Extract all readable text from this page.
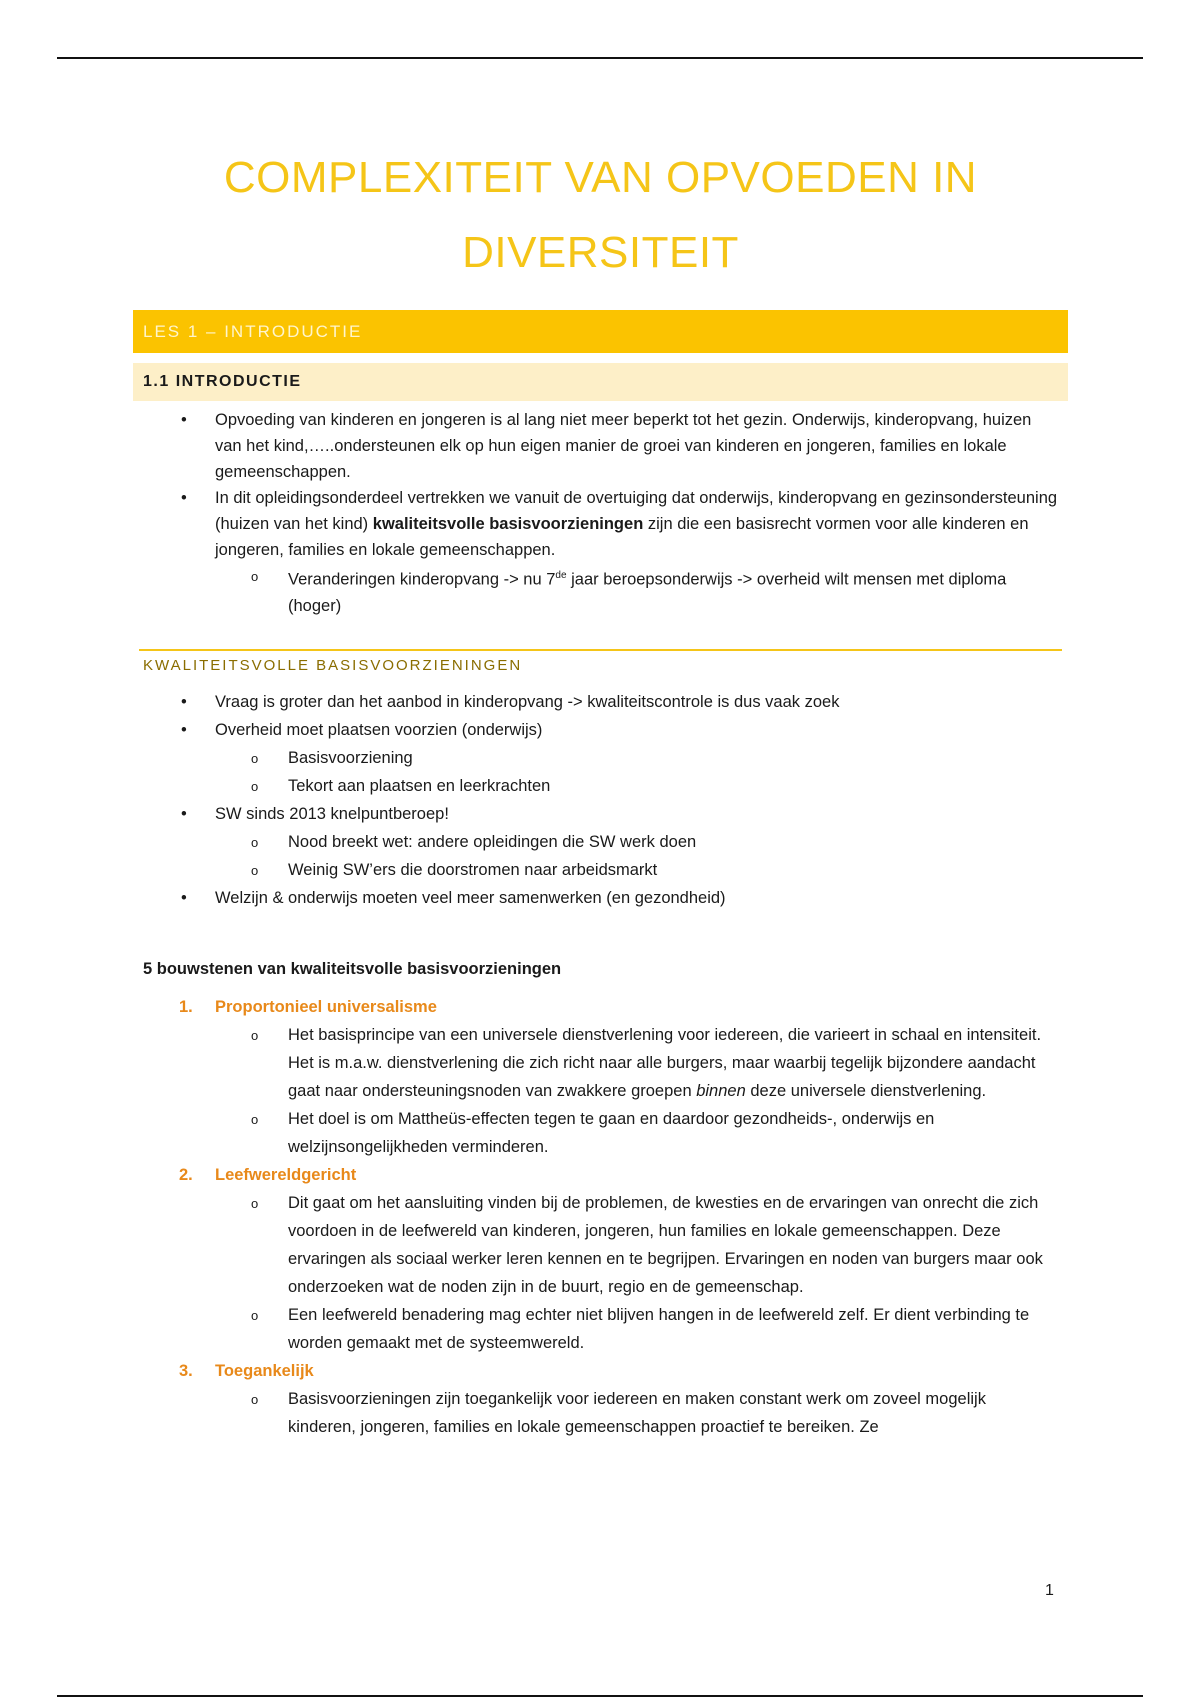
COMPLEXITEIT VAN OPVOEDEN IN
DIVERSITEIT
LES 1 – INTRODUCTIE
1.1 INTRODUCTIE
• Opvoeding van kinderen en jongeren is al lang niet meer beperkt tot het gezin. Onderwijs, kinderopvang, huizen van het kind,…..ondersteunen elk op hun eigen manier de groei van kinderen en jongeren, families en lokale gemeenschappen.
• In dit opleidingsonderdeel vertrekken we vanuit de overtuiging dat onderwijs, kinderopvang en gezinsondersteuning (huizen van het kind) kwaliteitsvolle basisvoorzieningen zijn die een basisrecht vormen voor alle kinderen en jongeren, families en lokale gemeenschappen.
o Veranderingen kinderopvang -> nu 7de jaar beroepsonderwijs -> overheid wilt mensen met diploma (hoger)
KWALITEITSVOLLE BASISVOORZIENINGEN
• Vraag is groter dan het aanbod in kinderopvang -> kwaliteitscontrole is dus vaak zoek
• Overheid moet plaatsen voorzien (onderwijs)
o Basisvoorziening
o Tekort aan plaatsen en leerkrachten
• SW sinds 2013 knelpuntberoep!
o Nood breekt wet: andere opleidingen die SW werk doen
o Weinig SW’ers die doorstromen naar arbeidsmarkt
• Welzijn & onderwijs moeten veel meer samenwerken (en gezondheid)
5 bouwstenen van kwaliteitsvolle basisvoorzieningen
1. Proportonieel universalisme
o Het basisprincipe van een universele dienstverlening voor iedereen, die varieert in schaal en intensiteit. Het is m.a.w. dienstverlening die zich richt naar alle burgers, maar waarbij tegelijk bijzondere aandacht gaat naar ondersteuningsnoden van zwakkere groepen binnen deze universele dienstverlening.
o Het doel is om Mattheüs-effecten tegen te gaan en daardoor gezondheids-, onderwijs en welzijnsongelijkheden verminderen.
2. Leefwereldgericht
o Dit gaat om het aansluiting vinden bij de problemen, de kwesties en de ervaringen van onrecht die zich voordoen in de leefwereld van kinderen, jongeren, hun families en lokale gemeenschappen. Deze ervaringen als sociaal werker leren kennen en te begrijpen. Ervaringen en noden van burgers maar ook onderzoeken wat de noden zijn in de buurt, regio en de gemeenschap.
o Een leefwereld benadering mag echter niet blijven hangen in de leefwereld zelf. Er dient verbinding te worden gemaakt met de systeemwereld.
3. Toegankelijk
o Basisvoorzieningen zijn toegankelijk voor iedereen en maken constant werk om zoveel mogelijk kinderen, jongeren, families en lokale gemeenschappen proactief te bereiken. Ze
1
